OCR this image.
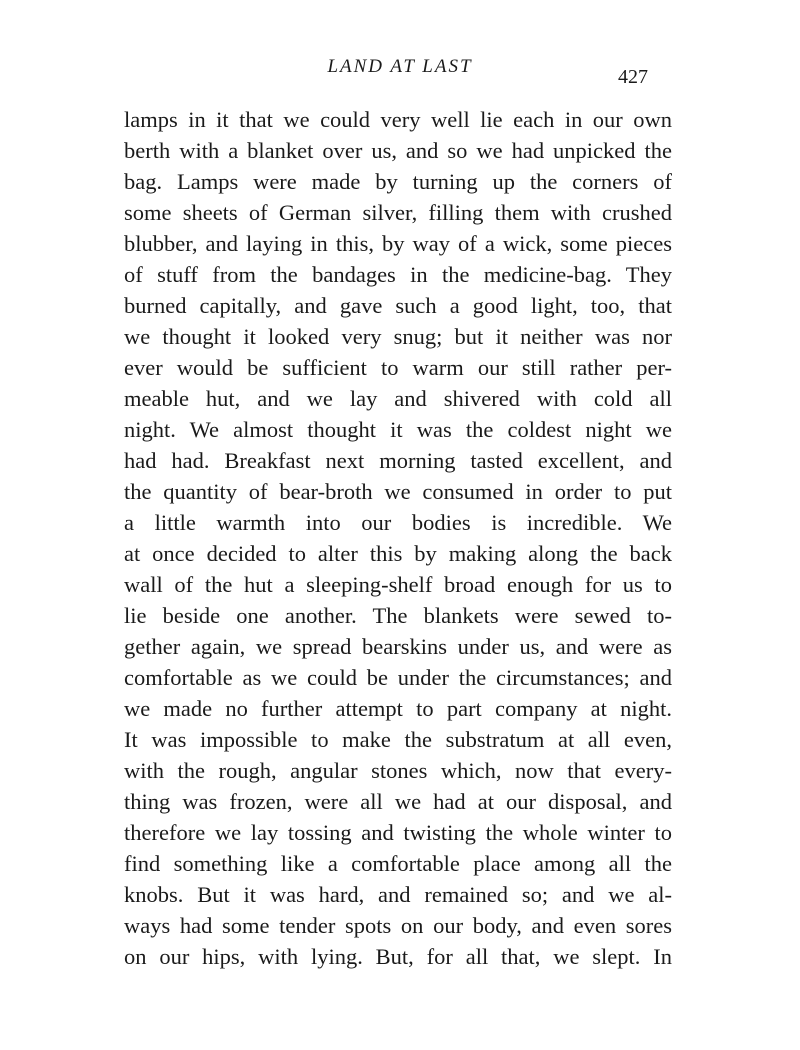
LAND AT LAST	427
lamps in it that we could very well lie each in our own
berth with a blanket over us, and so we had unpicked the
bag. Lamps were made by turning up the corners of
some sheets of German silver, filling them with crushed
blubber, and laying in this, by way of a wick, some pieces
of stuff from the bandages in the medicine-bag. They
burned capitally, and gave such a good light, too, that
we thought it looked very snug; but it neither was nor
ever would be sufficient to warm our still rather per-
meable hut, and we lay and shivered with cold all
night. We almost thought it was the coldest night we
had had. Breakfast next morning tasted excellent, and
the quantity of bear-broth we consumed in order to put
a little warmth into our bodies is incredible. We
at once decided to alter this by making along the back
wall of the hut a sleeping-shelf broad enough for us to
lie beside one another. The blankets were sewed to-
gether again, we spread bearskins under us, and were as
comfortable as we could be under the circumstances; and
we made no further attempt to part company at night.
It was impossible to make the substratum at all even,
with the rough, angular stones which, now that every-
thing was frozen, were all we had at our disposal, and
therefore we lay tossing and twisting the whole winter to
find something like a comfortable place among all the
knobs. But it was hard, and remained so; and we al-
ways had some tender spots on our body, and even sores
on our hips, with lying. But, for all that, we slept. In
